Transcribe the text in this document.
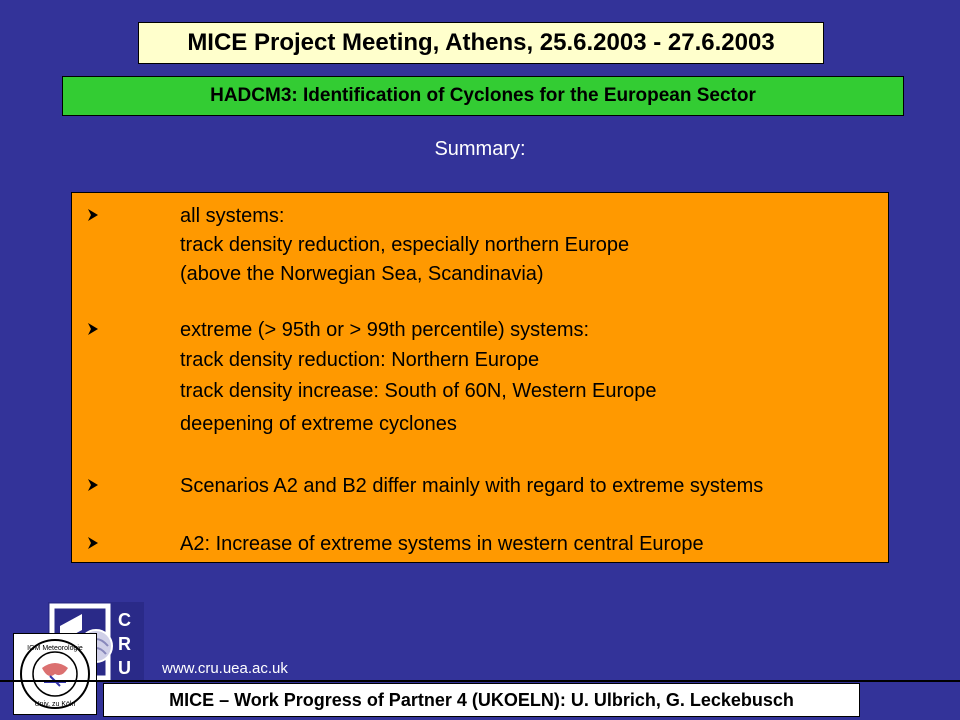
MICE Project Meeting, Athens, 25.6.2003 - 27.6.2003
HADCM3: Identification of Cyclones for the European Sector
Summary:
all systems:
track density reduction, especially northern Europe
(above the Norwegian Sea, Scandinavia)
extreme (> 95th or > 99th percentile) systems:
track density reduction: Northern Europe
track density increase: South of 60N, Western Europe
deepening of extreme cyclones
Scenarios A2 and B2 differ mainly with regard to extreme systems
A2: Increase of extreme systems in western central Europe
C
R
U
IGM Meteorologie
Univ. zu Köln
www.cru.uea.ac.uk
MICE – Work Progress of Partner 4 (UKOELN): U. Ulbrich, G. Leckebusch
